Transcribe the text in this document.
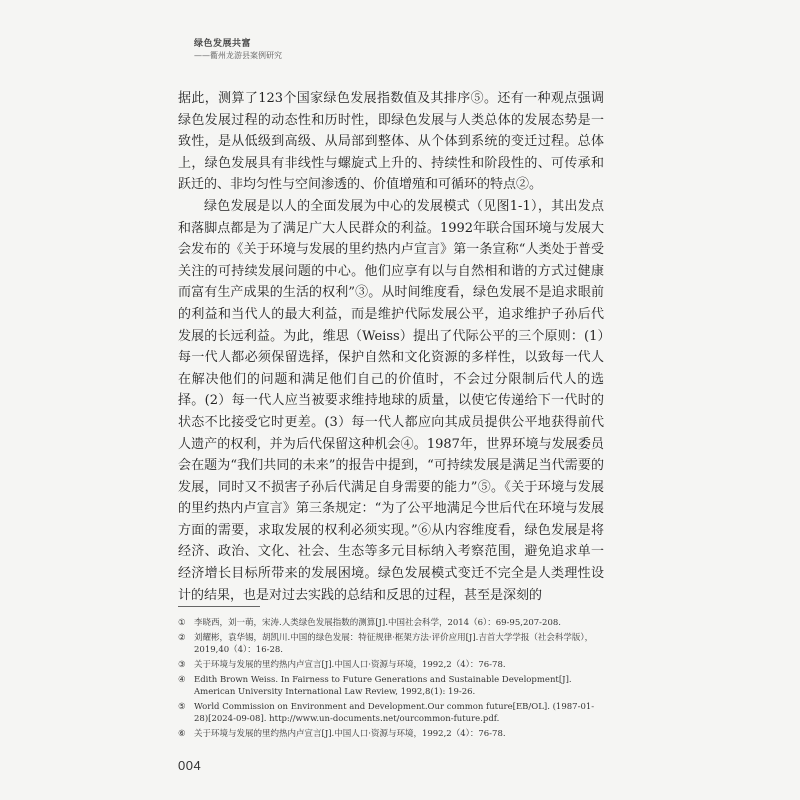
绿色发展共富
——衢州龙游县案例研究

据此，测算了123个国家绿色发展指数值及其排序⑤。还有一种观点强调绿色发展过程的动态性和历时性，即绿色发展与人类总体的发展态势是一致性，是从低级到高级、从局部到整体、从个体到系统的变迁过程。总体上，绿色发展具有非线性与螺旋式上升的、持续性和阶段性的、可传承和跃迁的、非均匀性与空间渗透的、价值增殖和可循环的特点②。

绿色发展是以人的全面发展为中心的发展模式（见图1-1），其出发点和落脚点都是为了满足广大人民群众的利益。1992年联合国环境与发展大会发布的《关于环境与发展的里约热内卢宣言》第一条宣称“人类处于普受关注的可持续发展问题的中心。他们应享有以与自然相和谐的方式过健康而富有生产成果的生活的权利”③。从时间维度看，绿色发展不是追求眼前的利益和当代人的最大利益，而是维护代际发展公平，追求维护子孙后代发展的长远利益。为此，维思（Weiss）提出了代际公平的三个原则：(1）每一代人都必须保留选择，保护自然和文化资源的多样性，以致每一代人在解决他们的问题和满足他们自己的价值时，不会过分限制后代人的选择。(2）每一代人应当被要求维持地球的质量，以使它传递给下一代时的状态不比接受它时更差。(3）每一代人都应向其成员提供公平地获得前代人遗产的权利，并为后代保留这种机会④。1987年，世界环境与发展委员会在题为“我们共同的未来”的报告中提到，“可持续发展是满足当代需要的发展，同时又不损害子孙后代满足自身需要的能力”⑤。《关于环境与发展的里约热内卢宣言》第三条规定：“为了公平地满足今世后代在环境与发展方面的需要，求取发展的权利必须实现。”⑥从内容维度看，绿色发展是将经济、政治、文化、社会、生态等多元目标纳入考察范围，避免追求单一经济增长目标所带来的发展困境。绿色发展模式变迁不完全是人类理性设计的结果，也是对过去实践的总结和反思的过程，甚至是深刻的

① 李晓西，刘一萌，宋涛.人类绿色发展指数的测算[J].中国社会科学，2014（6）：69-95,207-208.
② 刘耀彬，袁华锡，胡凯川.中国的绿色发展：特征规律·框架方法·评价应用[J].吉首大学学报（社会科学版），2019,40（4）：16-28.
③ 关于环境与发展的里约热内卢宣言[J].中国人口·资源与环境，1992,2（4）：76-78.
④ Edith Brown Weiss. In Fairness to Future Generations and Sustainable Development[J]. American University International Law Review, 1992,8(1): 19-26.
⑤ World Commission on Environment and Development.Our common future[EB/OL]. (1987-01-28)[2024-09-08]. http://www.un-documents.net/ourcommon-future.pdf.
⑥ 关于环境与发展的里约热内卢宣言[J].中国人口·资源与环境，1992,2（4）：76-78.
004
